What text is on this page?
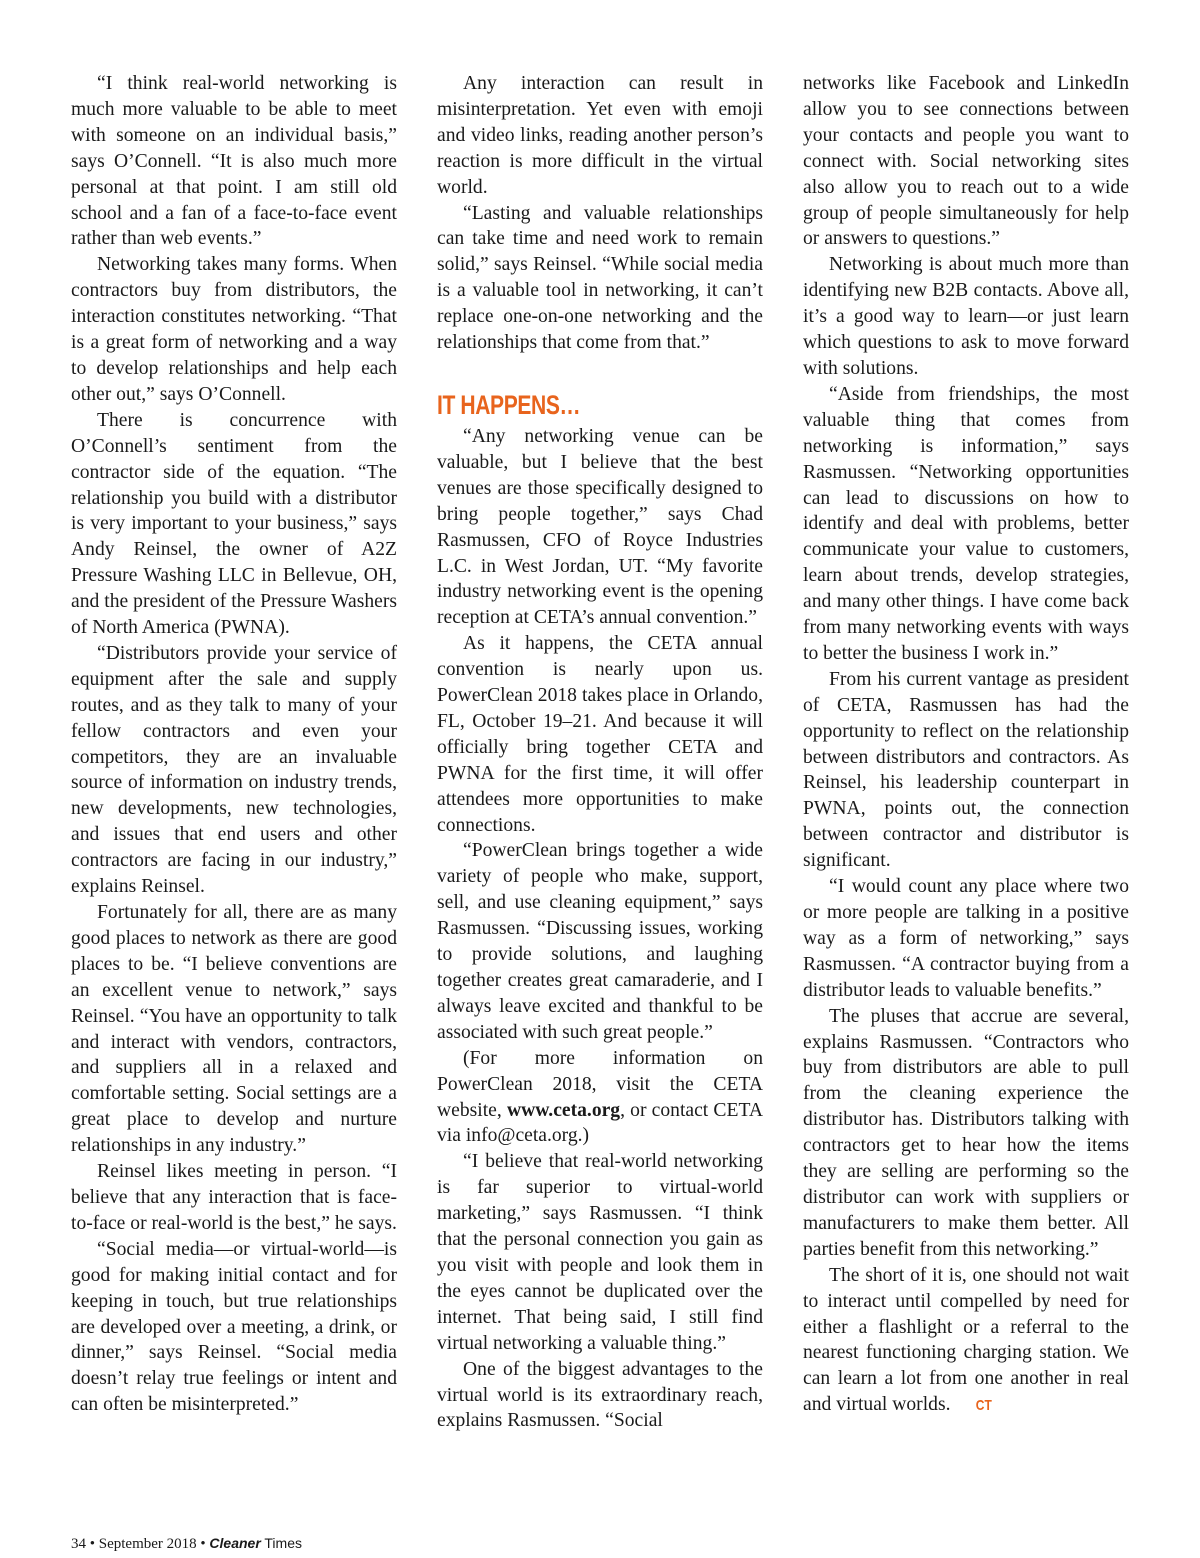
“I think real-world networking is much more valuable to be able to meet with someone on an individual basis,” says O’Connell. “It is also much more personal at that point. I am still old school and a fan of a face-to-face event rather than web events.”

Networking takes many forms. When contractors buy from distributors, the interaction constitutes networking. “That is a great form of networking and a way to develop relationships and help each other out,” says O’Connell.

There is concurrence with O’Connell’s sentiment from the contractor side of the equation. “The relationship you build with a distributor is very important to your business,” says Andy Reinsel, the owner of A2Z Pressure Washing LLC in Bellevue, OH, and the president of the Pressure Washers of North America (PWNA).

“Distributors provide your service of equipment after the sale and supply routes, and as they talk to many of your fellow contractors and even your competitors, they are an invaluable source of information on industry trends, new developments, new technologies, and issues that end users and other contractors are facing in our industry,” explains Reinsel.

Fortunately for all, there are as many good places to network as there are good places to be. “I believe conventions are an excellent venue to network,” says Reinsel. “You have an opportunity to talk and interact with vendors, contractors, and suppliers all in a relaxed and comfortable setting. Social settings are a great place to develop and nurture relationships in any industry.”

Reinsel likes meeting in person. “I believe that any interaction that is face-to-face or real-world is the best,” he says.

“Social media—or virtual-world—is good for making initial contact and for keeping in touch, but true relationships are developed over a meeting, a drink, or dinner,” says Reinsel. “Social media doesn’t relay true feelings or intent and can often be misinterpreted.”

Any interaction can result in misinterpretation. Yet even with emoji and video links, reading another person’s reaction is more difficult in the virtual world.

“Lasting and valuable relationships can take time and need work to remain solid,” says Reinsel. “While social media is a valuable tool in networking, it can’t replace one-on-one networking and the relationships that come from that.”

IT HAPPENS…

“Any networking venue can be valuable, but I believe that the best venues are those specifically designed to bring people together,” says Chad Rasmussen, CFO of Royce Industries L.C. in West Jordan, UT. “My favorite industry networking event is the opening reception at CETA’s annual convention.”

As it happens, the CETA annual convention is nearly upon us. PowerClean 2018 takes place in Orlando, FL, October 19–21. And because it will officially bring together CETA and PWNA for the first time, it will offer attendees more opportunities to make connections.

“PowerClean brings together a wide variety of people who make, support, sell, and use cleaning equipment,” says Rasmussen. “Discussing issues, working to provide solutions, and laughing together creates great camaraderie, and I always leave excited and thankful to be associated with such great people.”

(For more information on PowerClean 2018, visit the CETA website, www.ceta.org, or contact CETA via info@ceta.org.)

“I believe that real-world networking is far superior to virtual-world marketing,” says Rasmussen. “I think that the personal connection you gain as you visit with people and look them in the eyes cannot be duplicated over the internet. That being said, I still find virtual networking a valuable thing.”

One of the biggest advantages to the virtual world is its extraordinary reach, explains Rasmussen. “Social

networks like Facebook and LinkedIn allow you to see connections between your contacts and people you want to connect with. Social networking sites also allow you to reach out to a wide group of people simultaneously for help or answers to questions.”

Networking is about much more than identifying new B2B contacts. Above all, it’s a good way to learn—or just learn which questions to ask to move forward with solutions.

“Aside from friendships, the most valuable thing that comes from networking is information,” says Rasmussen. “Networking opportunities can lead to discussions on how to identify and deal with problems, better communicate your value to customers, learn about trends, develop strategies, and many other things. I have come back from many networking events with ways to better the business I work in.”

From his current vantage as president of CETA, Rasmussen has had the opportunity to reflect on the relationship between distributors and contractors. As Reinsel, his leadership counterpart in PWNA, points out, the connection between contractor and distributor is significant.

“I would count any place where two or more people are talking in a positive way as a form of networking,” says Rasmussen. “A contractor buying from a distributor leads to valuable benefits.”

The pluses that accrue are several, explains Rasmussen. “Contractors who buy from distributors are able to pull from the cleaning experience the distributor has. Distributors talking with contractors get to hear how the items they are selling are performing so the distributor can work with suppliers or manufacturers to make them better. All parties benefit from this networking.”

The short of it is, one should not wait to interact until compelled by need for either a flashlight or a referral to the nearest functioning charging station. We can learn a lot from one another in real and virtual worlds. CT

34 • September 2018 • Cleaner Times
